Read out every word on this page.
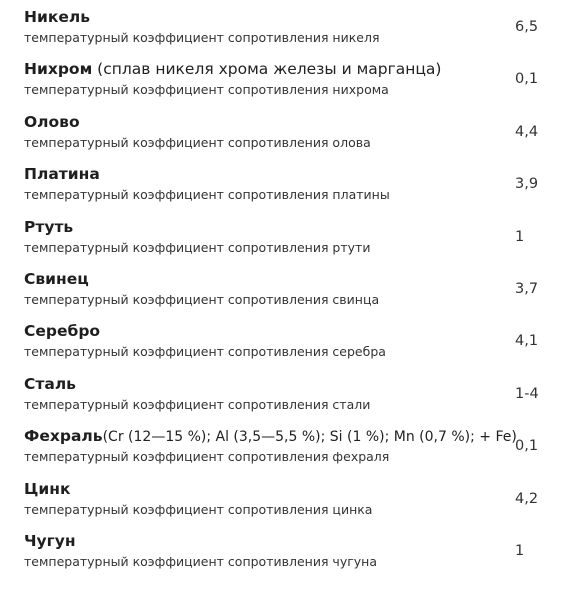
Никель
температурный коэффициент сопротивления никеля
6,5
Нихром (сплав никеля хрома железы и марганца)
температурный коэффициент сопротивления нихрома
0,1
Олово
температурный коэффициент сопротивления олова
4,4
Платина
температурный коэффициент сопротивления платины
3,9
Ртуть
температурный коэффициент сопротивления ртути
1
Свинец
температурный коэффициент сопротивления свинца
3,7
Серебро
температурный коэффициент сопротивления серебра
4,1
Сталь
температурный коэффициент сопротивления стали
1-4
Фехраль(Cr (12—15 %); Al (3,5—5,5 %); Si (1 %); Mn (0,7 %); + Fe)
температурный коэффициент сопротивления фехраля
0,1
Цинк
температурный коэффициент сопротивления цинка
4,2
Чугун
температурный коэффициент сопротивления чугуна
1
